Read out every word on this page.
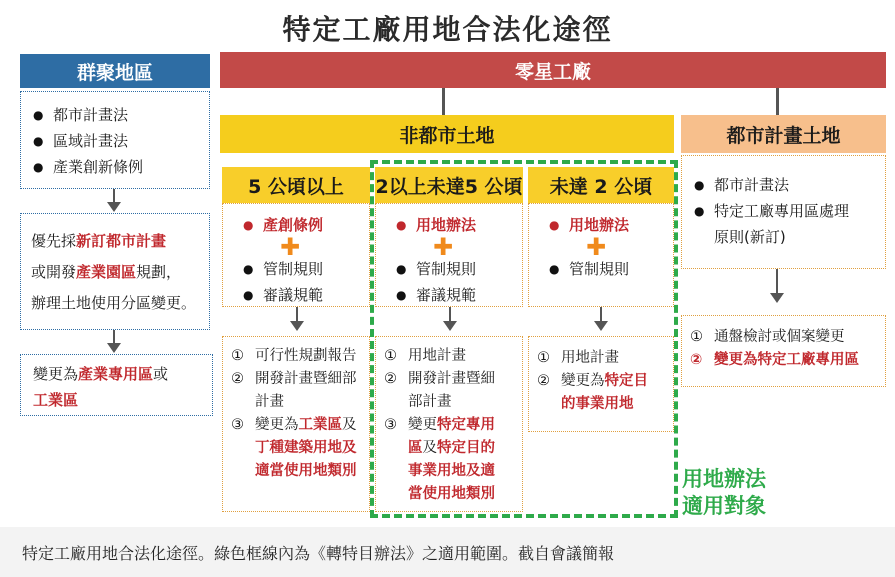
特定工廠用地合法化途徑
群聚地區
● 都市計畫法
● 區域計畫法
● 產業創新條例
優先採新訂都市計畫
或開發產業園區規劃，
辦理土地使用分區變更。
變更為產業專用區或
工業區
零星工廠
非都市土地	都市計畫土地
5 公頃以上
● 產創條例
✚
● 管制規則
● 審議規範
2以上未達5 公頃
● 用地辦法
✚
● 管制規則
● 審議規範
未達 2 公頃
● 用地辦法
✚
● 管制規則
● 都市計畫法
● 特定工廠專用區處理
原則(新訂)
① 可行性規劃報告
② 開發計畫暨細部
計畫
③ 變更為工業區及
丁種建築用地及
適當使用地類別
① 用地計畫
② 開發計畫暨細
部計畫
③ 變更特定專用
區及特定目的
事業用地及適
當使用地類別
① 用地計畫
② 變更為特定目
的事業用地
① 通盤檢討或個案變更
② 變更為特定工廠專用區
用地辦法
適用對象
特定工廠用地合法化途徑。綠色框線內為《轉特目辦法》之適用範圍。截自會議簡報
